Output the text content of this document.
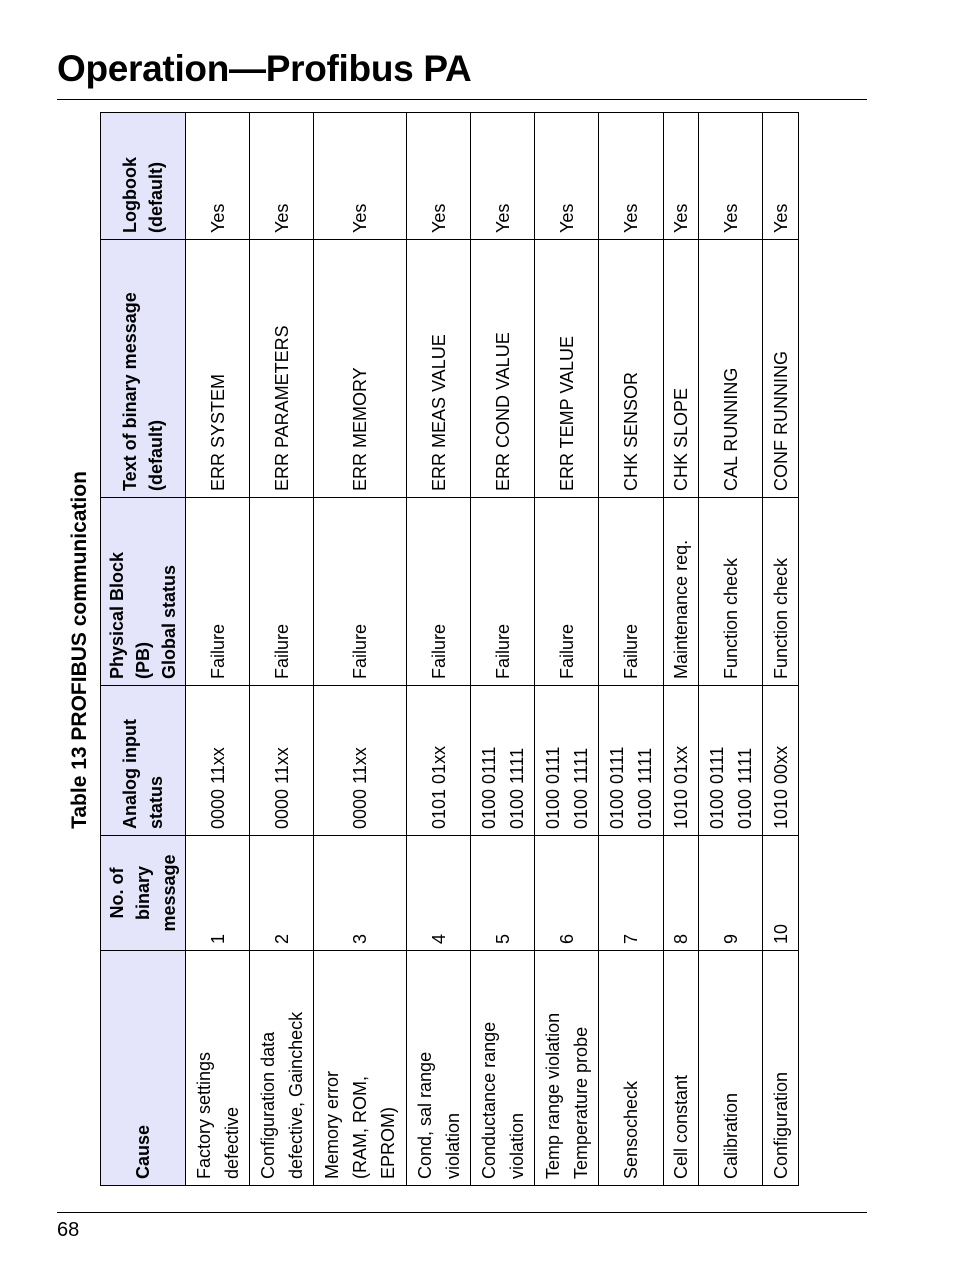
Operation—Profibus PA
Table 13 PROFIBUS communication
Cause	No. of binary message	Analog input status	Physical Block (PB) Global status	Text of binary message (default)	Logbook (default)

Factory settings defective	1	0000 11xx	Failure	ERR SYSTEM	Yes

Configuration data defective, Gaincheck	2	0000 11xx	Failure	ERR PARAMETERS	Yes

Memory error (RAM, ROM, EPROM)	3	0000 11xx	Failure	ERR MEMORY	Yes

Cond, sal range violation	4	0101 01xx	Failure	ERR MEAS VALUE	Yes

Conductance range violation	5	0100 0111 0100 1111	Failure	ERR COND VALUE	Yes

Temp range violation Temperature probe	6	0100 0111 0100 1111	Failure	ERR TEMP VALUE	Yes

Sensocheck	7	0100 0111 0100 1111	Failure	CHK SENSOR	Yes

Cell constant	8	1010 01xx	Maintenance req.	CHK SLOPE	Yes

Calibration	9	0100 0111 0100 1111	Function check	CAL RUNNING	Yes

Configuration	10	1010 00xx	Function check	CONF RUNNING	Yes
68
